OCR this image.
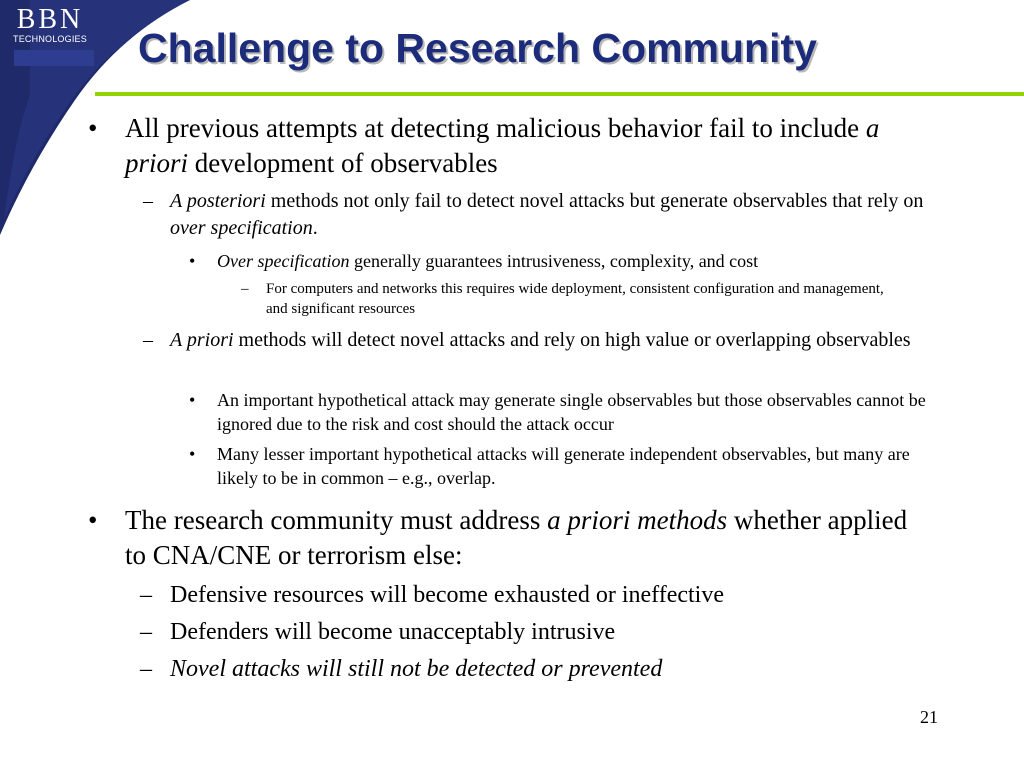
BBN
TECHNOLOGIES Challenge to Research Community
• All previous attempts at detecting malicious behavior fail to include a priori development of observables
– A posteriori methods not only fail to detect novel attacks but generate observables that rely on over specification.
• Over specification generally guarantees intrusiveness, complexity, and cost
– For computers and networks this requires wide deployment, consistent configuration and management, and significant resources
– A priori methods will detect novel attacks and rely on high value or overlapping observables
• An important hypothetical attack may generate single observables but those observables cannot be ignored due to the risk and cost should the attack occur
• Many lesser important hypothetical attacks will generate independent observables, but many are likely to be in common – e.g., overlap.
• The research community must address a priori methods whether applied to CNA/CNE or terrorism else:
– Defensive resources will become exhausted or ineffective
– Defenders will become unacceptably intrusive
– Novel attacks will still not be detected or prevented
21
